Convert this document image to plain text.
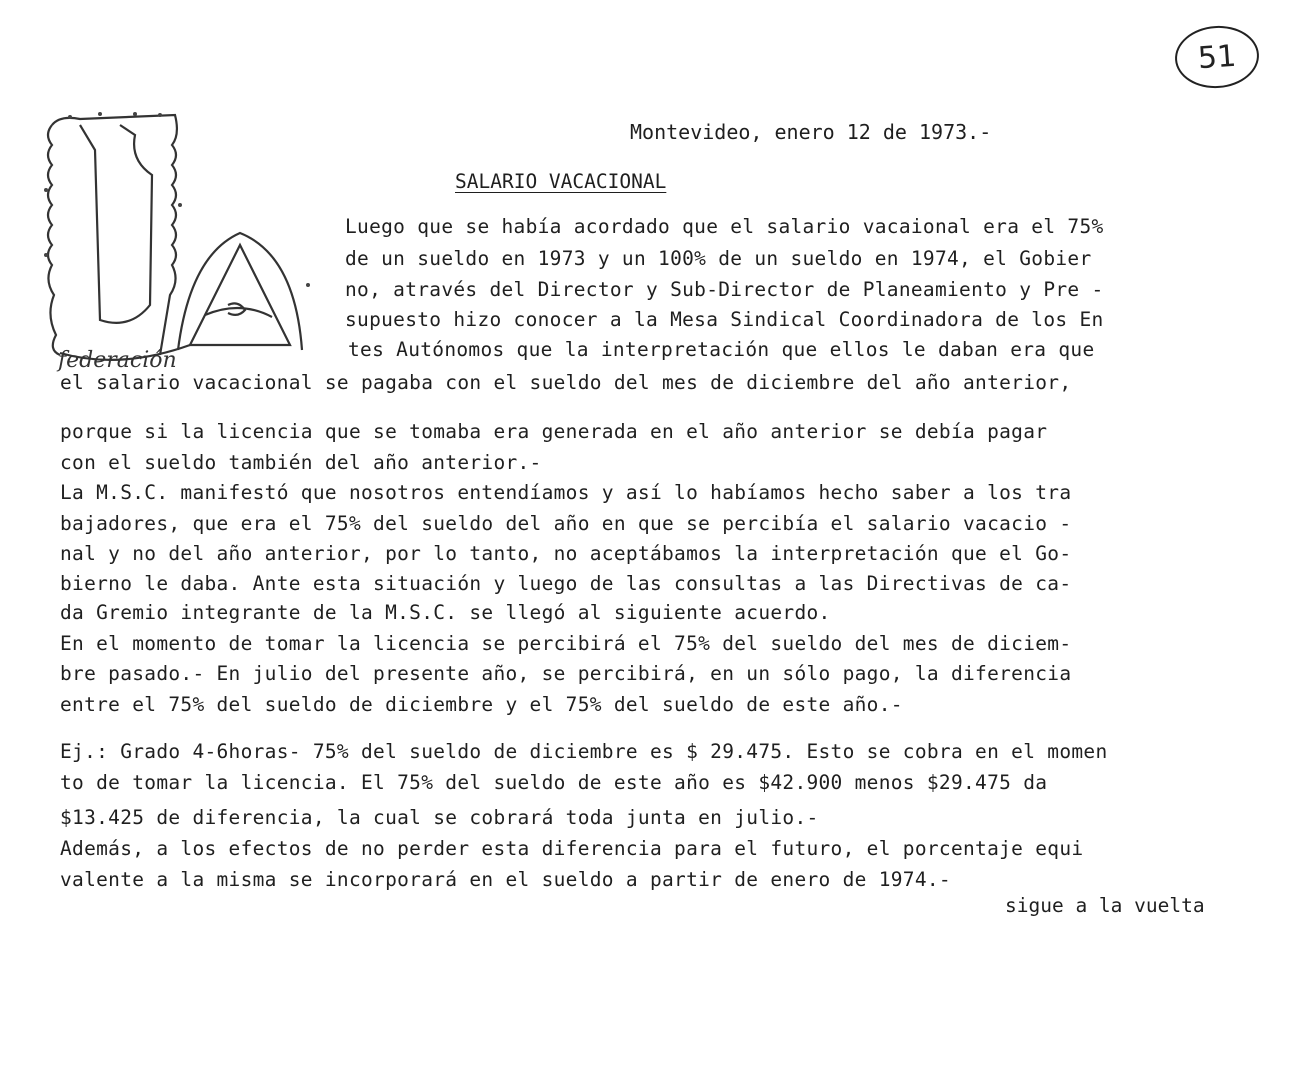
51
Montevideo, enero 12 de 1973.-
federación
SALARIO VACACIONAL
Luego que se había acordado que el salario vacaional era el 75%
de un sueldo en 1973 y un 100% de un sueldo en 1974, el Gobier
no, através del Director y Sub-Director de Planeamiento y Pre -
supuesto hizo conocer a la Mesa Sindical Coordinadora de los En
tes Autónomos que la interpretación que ellos le daban era que
el salario vacacional se pagaba con el sueldo del mes de diciembre del año anterior,
porque si la licencia que se tomaba era generada en el año anterior se debía pagar
con el sueldo también del año anterior.-
La M.S.C. manifestó que nosotros entendíamos y así lo habíamos hecho saber a los tra
bajadores, que era el 75% del sueldo del año en que se percibía el salario vacacio -
nal y no del año anterior, por lo tanto, no aceptábamos la interpretación que el Go-
bierno le daba. Ante esta situación y luego de las consultas a las Directivas de ca-
da Gremio integrante de la M.S.C. se llegó al siguiente acuerdo.
En el momento de tomar la licencia se percibirá el 75% del sueldo del mes de diciem-
bre pasado.- En julio del presente año, se percibirá, en un sólo pago, la diferencia
entre el 75% del sueldo de diciembre y el 75% del sueldo de este año.-
Ej.: Grado 4-6horas- 75% del sueldo de diciembre es $ 29.475. Esto se cobra en el momen
to de tomar la licencia. El 75% del sueldo de este año es $42.900 menos $29.475 da
$13.425 de diferencia, la cual se cobrará toda junta en julio.-
Además, a los efectos de no perder esta diferencia para el futuro, el porcentaje equi
valente a la misma se incorporará en el sueldo a partir de enero de 1974.-
sigue a la vuelta
